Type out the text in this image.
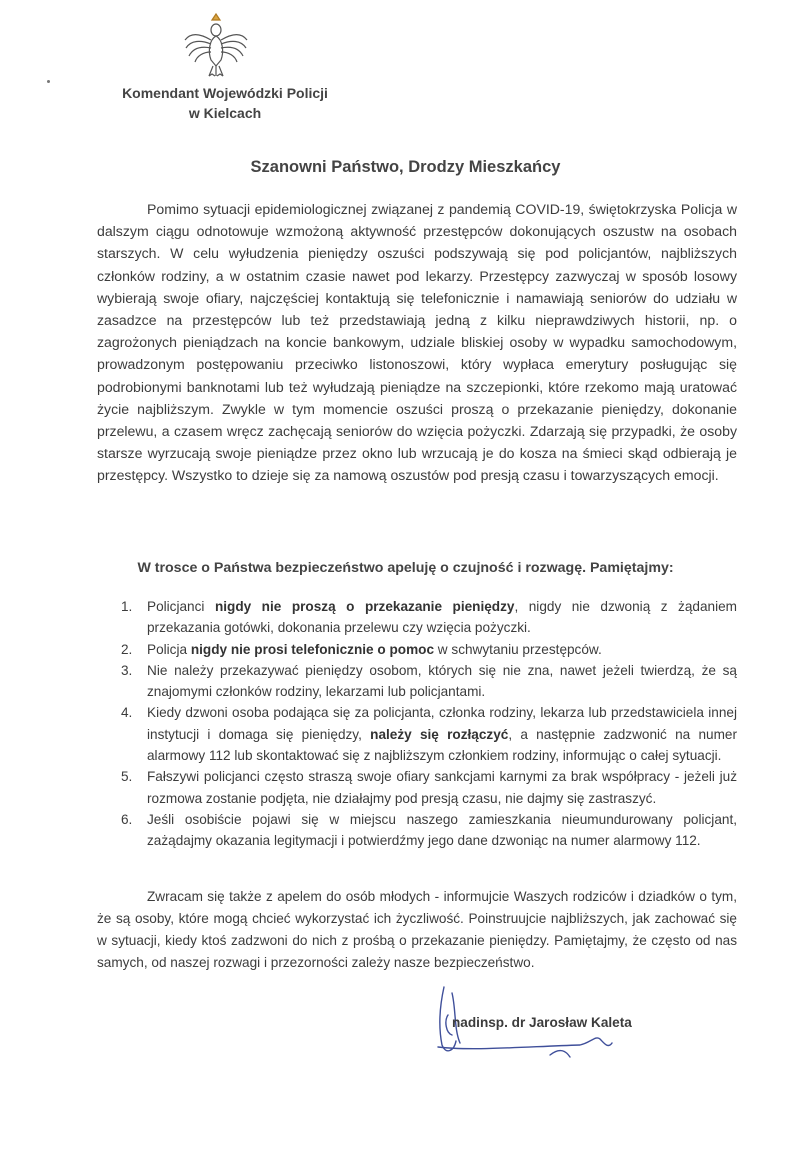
Komendant Wojewódzki Policji
w Kielcach
Szanowni Państwo, Drodzy Mieszkańcy

Pomimo sytuacji epidemiologicznej związanej z pandemią COVID-19, świętokrzyska Policja w dalszym ciągu odnotowuje wzmożoną aktywność przestępców dokonujących oszustw na osobach starszych. W celu wyłudzenia pieniędzy oszuści podszywają się pod policjantów, najbliższych członków rodziny, a w ostatnim czasie nawet pod lekarzy. Przestępcy zazwyczaj w sposób losowy wybierają swoje ofiary, najczęściej kontaktują się telefonicznie i namawiają seniorów do udziału w zasadzce na przestępców lub też przedstawiają jedną z kilku nieprawdziwych historii, np. o zagrożonych pieniądzach na koncie bankowym, udziale bliskiej osoby w wypadku samochodowym, prowadzonym postępowaniu przeciwko listonoszowi, który wypłaca emerytury posługując się podrobionymi banknotami lub też wyłudzają pieniądze na szczepionki, które rzekomo mają uratować życie najbliższym. Zwykle w tym momencie oszuści proszą o przekazanie pieniędzy, dokonanie przelewu, a czasem wręcz zachęcają seniorów do wzięcia pożyczki. Zdarzają się przypadki, że osoby starsze wyrzucają swoje pieniądze przez okno lub wrzucają je do kosza na śmieci skąd odbierają je przestępcy. Wszystko to dzieje się za namową oszustów pod presją czasu i towarzyszących emocji.

W trosce o Państwa bezpieczeństwo apeluję o czujność i rozwagę. Pamiętajmy:
1. Policjanci nigdy nie proszą o przekazanie pieniędzy, nigdy nie dzwonią z żądaniem przekazania gotówki, dokonania przelewu czy wzięcia pożyczki.
2. Policja nigdy nie prosi telefonicznie o pomoc w schwytaniu przestępców.
3. Nie należy przekazywać pieniędzy osobom, których się nie zna, nawet jeżeli twierdzą, że są znajomymi członków rodziny, lekarzami lub policjantami.
4. Kiedy dzwoni osoba podająca się za policjanta, członka rodziny, lekarza lub przedstawiciela innej instytucji i domaga się pieniędzy, należy się rozłączyć, a następnie zadzwonić na numer alarmowy 112 lub skontaktować się z najbliższym członkiem rodziny, informując o całej sytuacji.
5. Fałszywi policjanci często straszą swoje ofiary sankcjami karnymi za brak współpracy - jeżeli już rozmowa zostanie podjęta, nie działajmy pod presją czasu, nie dajmy się zastraszyć.
6. Jeśli osobiście pojawi się w miejscu naszego zamieszkania nieumundurowany policjant, zażądajmy okazania legitymacji i potwierdźmy jego dane dzwoniąc na numer alarmowy 112.

Zwracam się także z apelem do osób młodych - informujcie Waszych rodziców i dziadków o tym, że są osoby, które mogą chcieć wykorzystać ich życzliwość. Poinstruujcie najbliższych, jak zachować się w sytuacji, kiedy ktoś zadzwoni do nich z prośbą o przekazanie pieniędzy. Pamiętajmy, że często od nas samych, od naszej rozwagi i przezorności zależy nasze bezpieczeństwo.

nadinsp. dr Jarosław Kaleta
